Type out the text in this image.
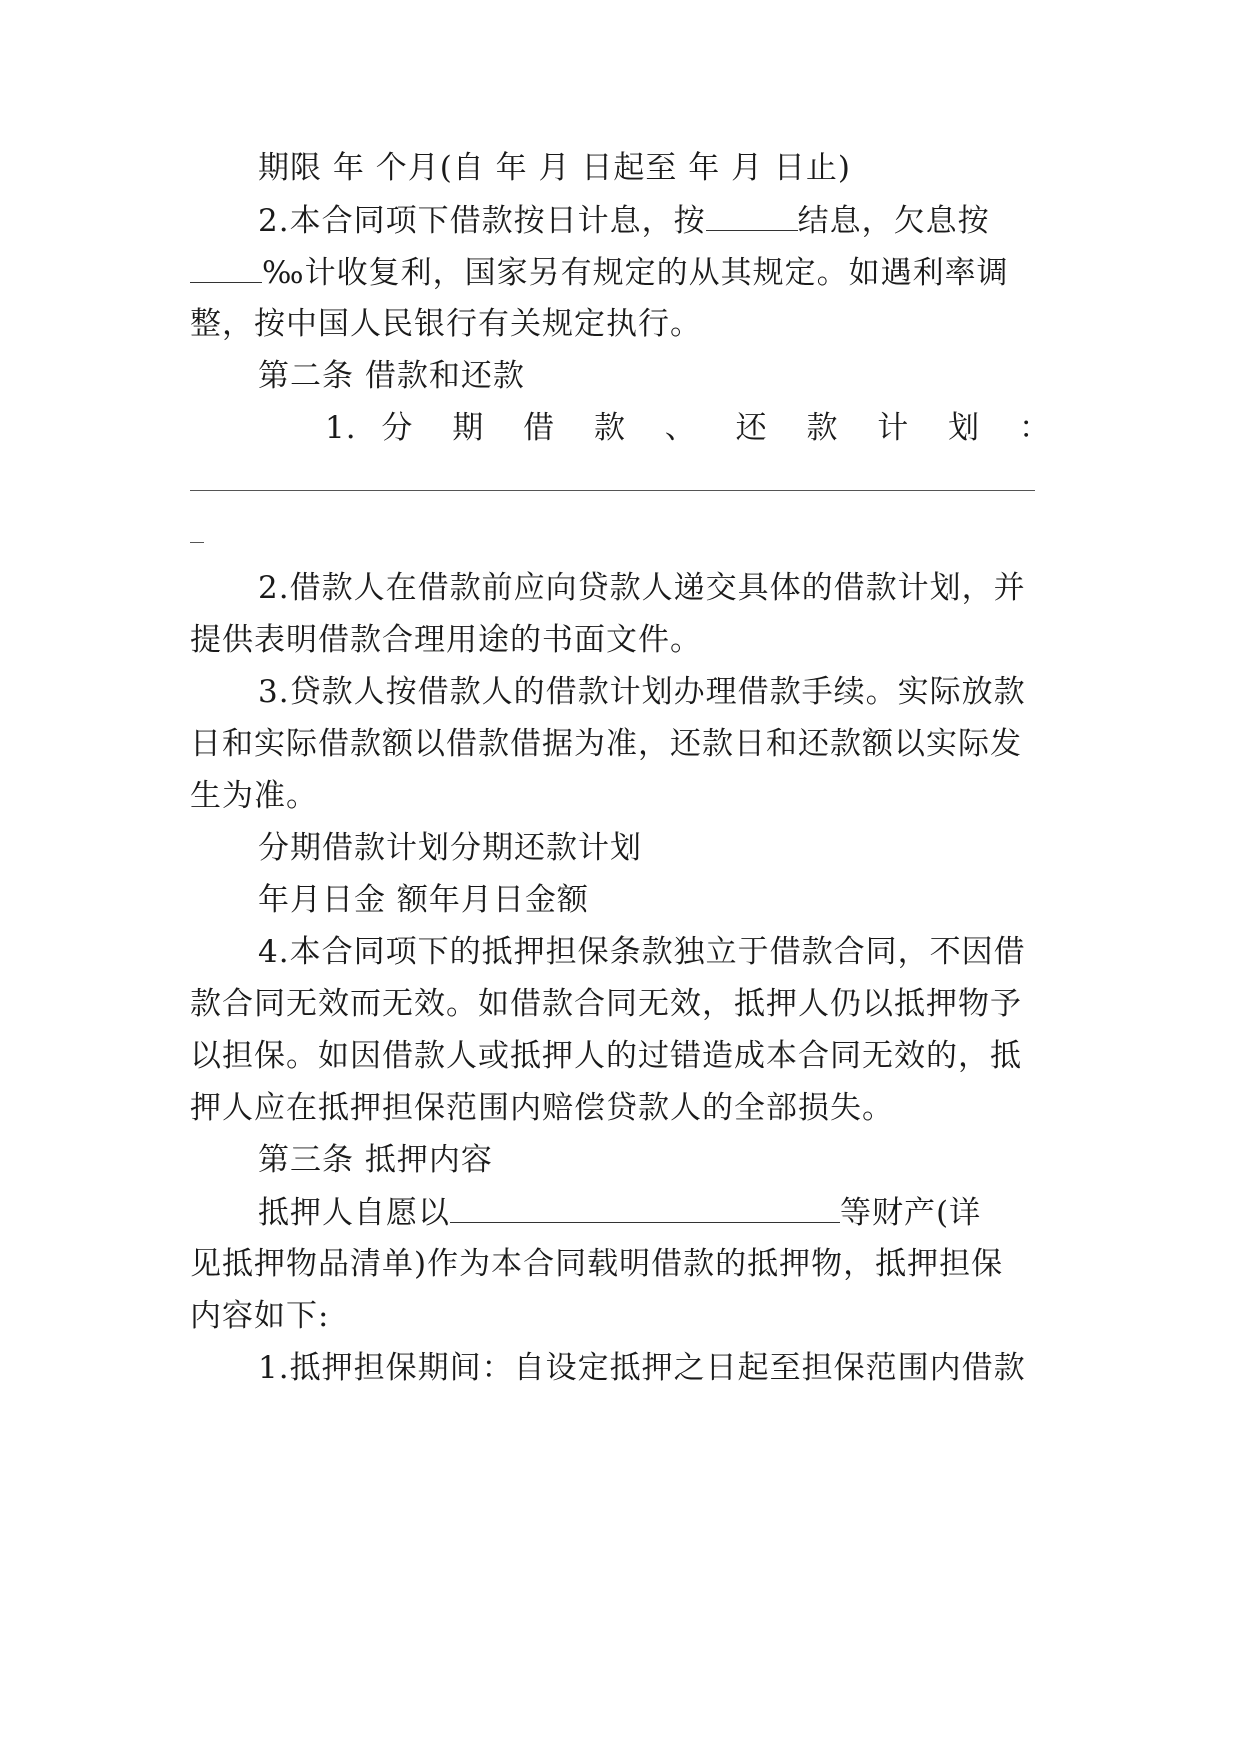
期限 年 个月(自 年 月 日起至 年 月 日止)
2.本合同项下借款按日计息，按	结息，欠息按
‰计收复利，国家另有规定的从其规定。如遇利率调
整，按中国人民银行有关规定执行。
第二条 借款和还款
1. 分 期 借 款 、 还 款 计 划 ：
2.借款人在借款前应向贷款人递交具体的借款计划，并
提供表明借款合理用途的书面文件。
3.贷款人按借款人的借款计划办理借款手续。实际放款
日和实际借款额以借款借据为准，还款日和还款额以实际发
生为准。
分期借款计划分期还款计划
年月日金 额年月日金额
4.本合同项下的抵押担保条款独立于借款合同，不因借
款合同无效而无效。如借款合同无效，抵押人仍以抵押物予
以担保。如因借款人或抵押人的过错造成本合同无效的，抵
押人应在抵押担保范围内赔偿贷款人的全部损失。
第三条 抵押内容
抵押人自愿以	等财产(详
见抵押物品清单)作为本合同载明借款的抵押物，抵押担保
内容如下:
1.抵押担保期间：自设定抵押之日起至担保范围内借款
